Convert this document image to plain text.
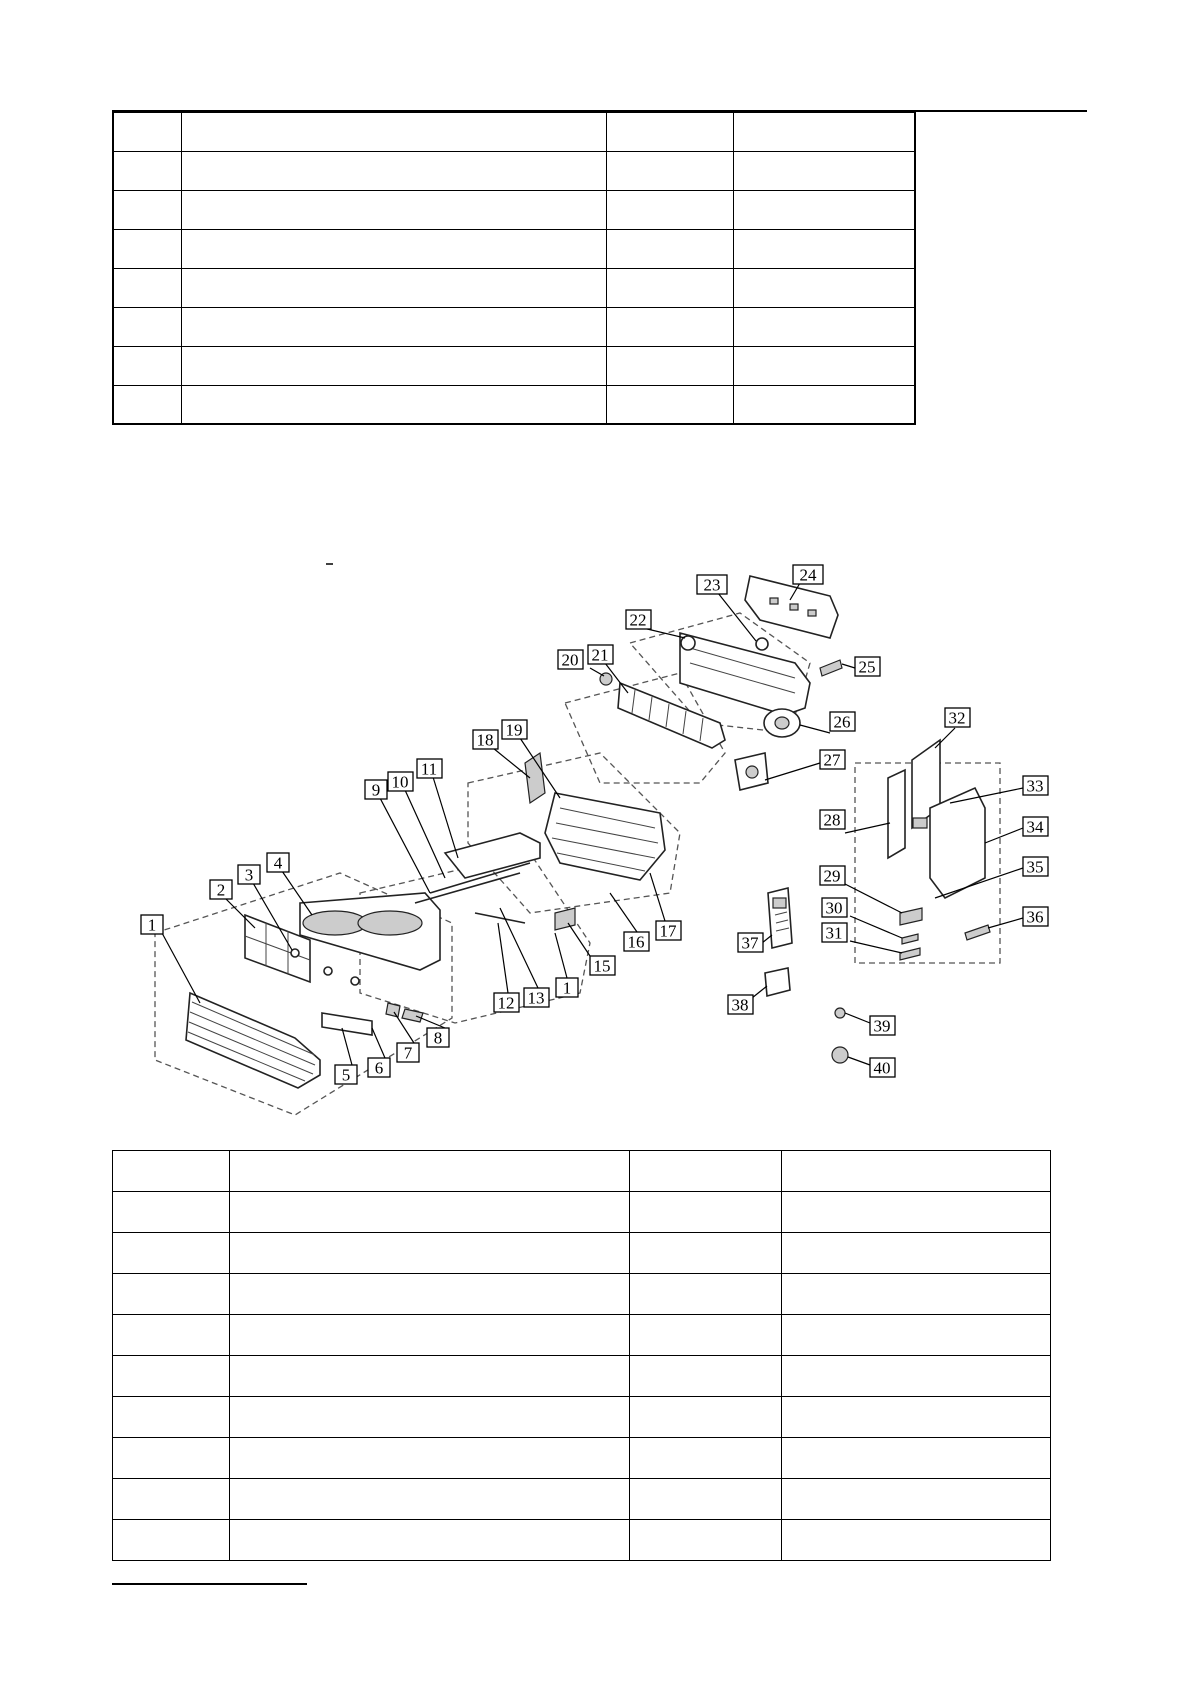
1
2
3
4
5 6
7
8
9 10
11
12 13
1
15
16
17
18
19
20 21
22
23
24
25
26
27
28
29
30
31
32
33
34
35
36
37
38
39
40
